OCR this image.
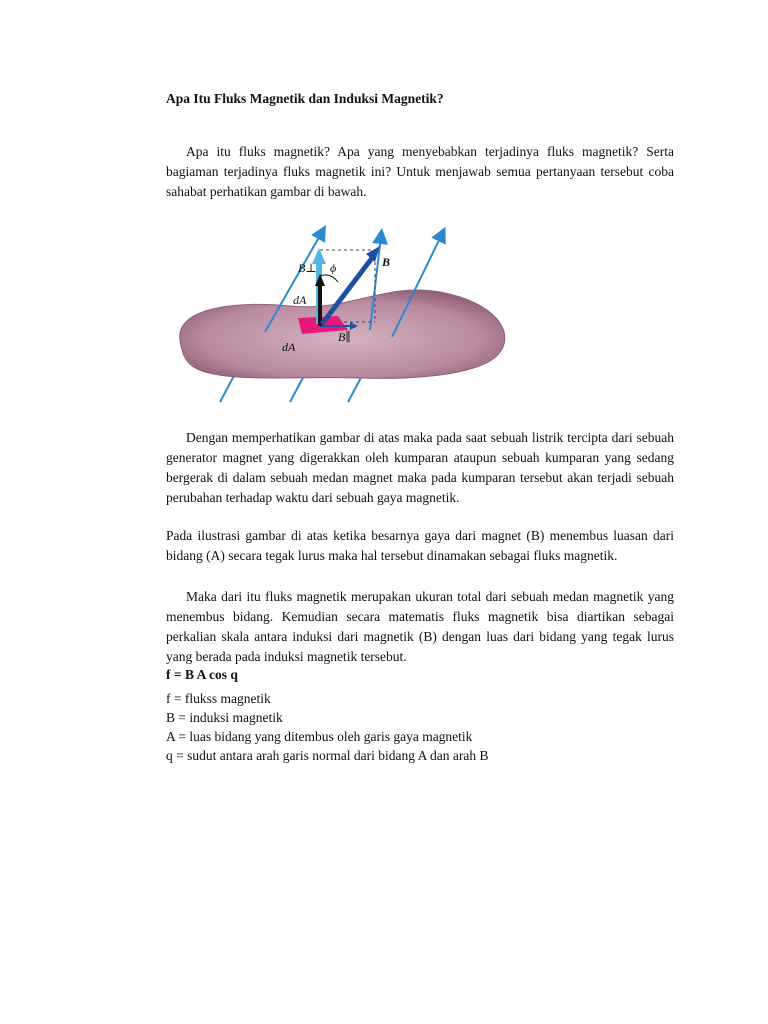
Apa Itu Fluks Magnetik dan Induksi Magnetik?

Apa itu fluks magnetik? Apa yang menyebabkan terjadinya fluks magnetik? Serta bagiaman terjadinya fluks magnetik ini? Untuk menjawab semua pertanyaan tersebut coba sahabat perhatikan gambar di bawah.

B⊥ ϕ	B
dA
dA
B∥

Dengan memperhatikan gambar di atas maka pada saat sebuah listrik tercipta dari sebuah generator magnet yang digerakkan oleh kumparan ataupun sebuah kumparan yang sedang bergerak di dalam sebuah medan magnet maka pada kumparan tersebut akan terjadi sebuah perubahan terhadap waktu dari sebuah gaya magnetik.

Pada ilustrasi gambar di atas ketika besarnya gaya dari magnet (B) menembus luasan dari bidang (A) secara tegak lurus maka hal tersebut dinamakan sebagai fluks magnetik.

Maka dari itu fluks magnetik merupakan ukuran total dari sebuah medan magnetik yang menembus bidang. Kemudian secara matematis fluks magnetik bisa diartikan sebagai perkalian skala antara induksi dari magnetik (B) dengan luas dari bidang yang tegak lurus yang berada pada induksi magnetik tersebut.

f = B A cos q
f = flukss magnetik
B = induksi magnetik
A = luas bidang yang ditembus oleh garis gaya magnetik
q = sudut antara arah garis normal dari bidang A dan arah B
